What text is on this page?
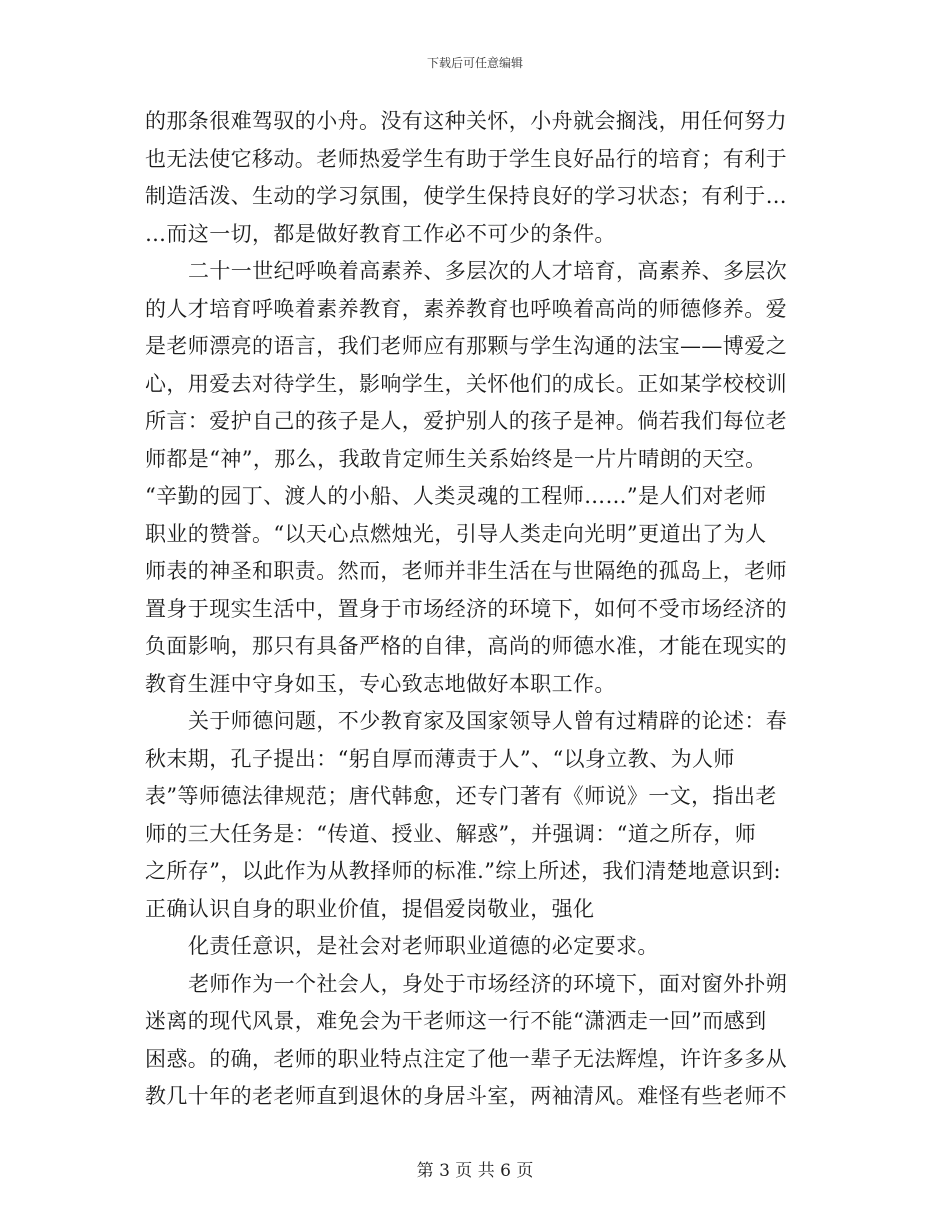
下载后可任意编辑
的那条很难驾驭的小舟。没有这种关怀，小舟就会搁浅，用任何努力
也无法使它移动。老师热爱学生有助于学生良好品行的培育；有利于
制造活泼、生动的学习氛围，使学生保持良好的学习状态；有利于…
…而这一切，都是做好教育工作必不可少的条件。
二十一世纪呼唤着高素养、多层次的人才培育，高素养、多层次
的人才培育呼唤着素养教育，素养教育也呼唤着高尚的师德修养。爱
是老师漂亮的语言，我们老师应有那颗与学生沟通的法宝——博爱之
心，用爱去对待学生，影响学生，关怀他们的成长。正如某学校校训
所言：爱护自己的孩子是人，爱护别人的孩子是神。倘若我们每位老
师都是“神”，那么，我敢肯定师生关系始终是一片片晴朗的天空。
“辛勤的园丁、渡人的小船、人类灵魂的工程师……”是人们对老师
职业的赞誉。“以天心点燃烛光，引导人类走向光明”更道出了为人
师表的神圣和职责。然而，老师并非生活在与世隔绝的孤岛上，老师
置身于现实生活中，置身于市场经济的环境下，如何不受市场经济的
负面影响，那只有具备严格的自律，高尚的师德水准，才能在现实的
教育生涯中守身如玉，专心致志地做好本职工作。
关于师德问题，不少教育家及国家领导人曾有过精辟的论述：春
秋末期，孔子提出：“躬自厚而薄责于人”、“以身立教、为人师
表”等师德法律规范；唐代韩愈，还专门著有《师说》一文，指出老
师的三大任务是：“传道、授业、解惑”，并强调：“道之所存，师
之所存”，以此作为从教择师的标准.”综上所述，我们清楚地意识到:
正确认识自身的职业价值，提倡爱岗敬业，强化
化责任意识，是社会对老师职业道德的必定要求。
老师作为一个社会人，身处于市场经济的环境下，面对窗外扑朔
迷离的现代风景，难免会为干老师这一行不能“潇洒走一回”而感到
困惑。的确，老师的职业特点注定了他一辈子无法辉煌，许许多多从
教几十年的老老师直到退休的身居斗室，两袖清风。难怪有些老师不
第 3 页 共 6 页
